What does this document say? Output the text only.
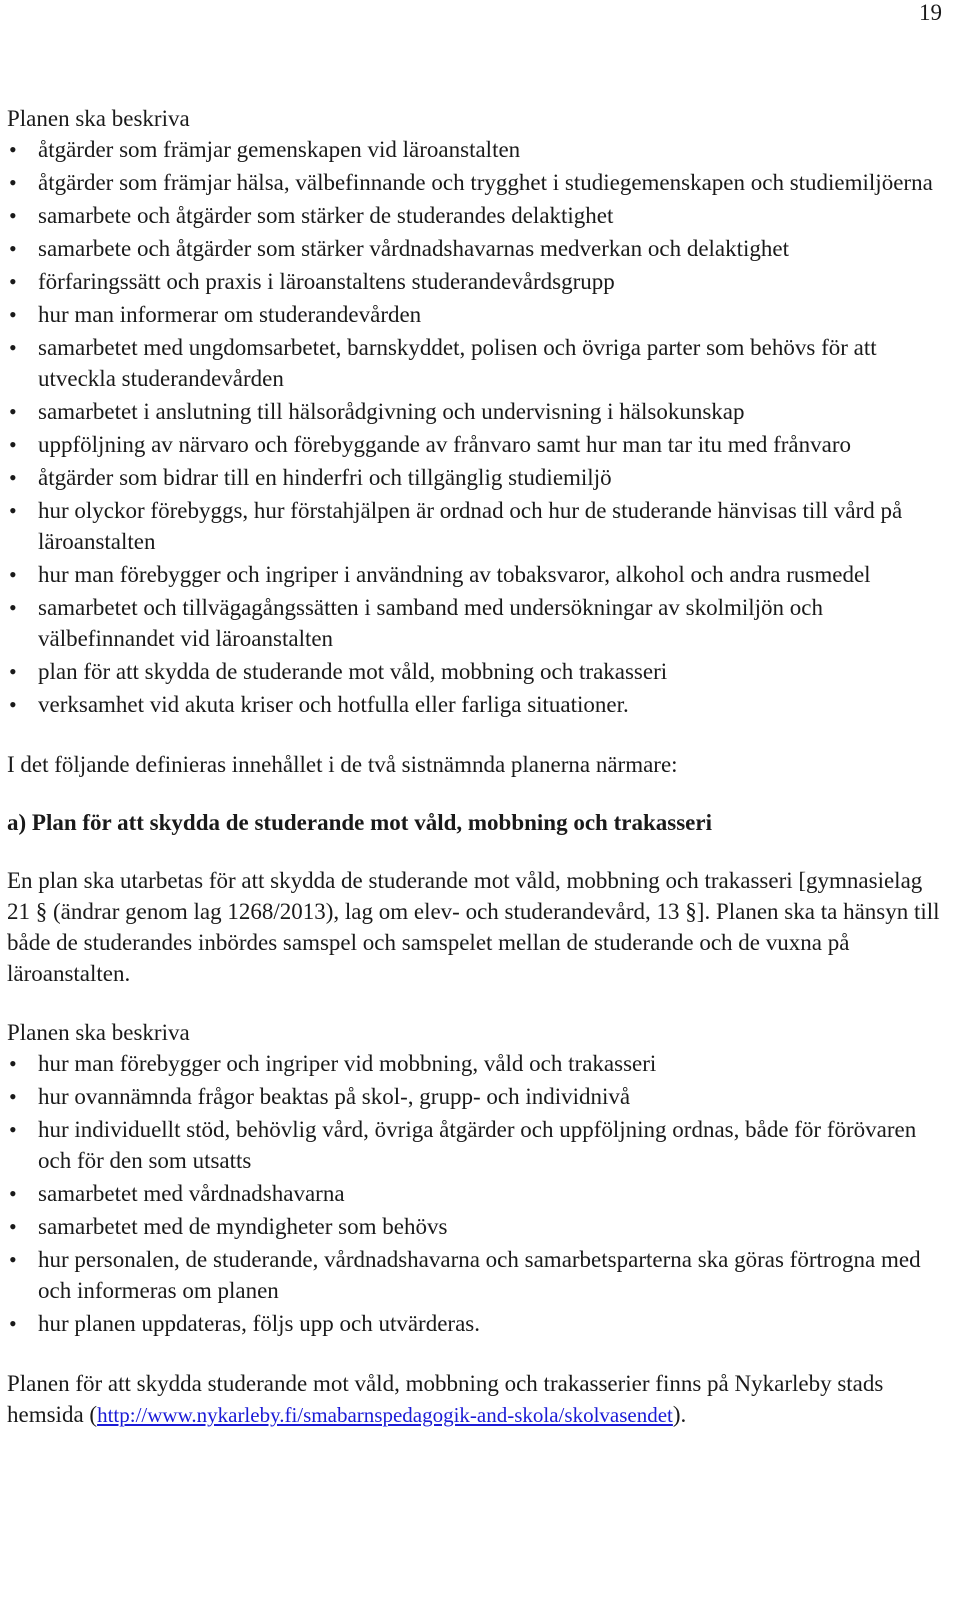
19

Planen ska beskriva

• åtgärder som främjar gemenskapen vid läroanstalten
• åtgärder som främjar hälsa, välbefinnande och trygghet i studiegemenskapen och studiemiljöerna
• samarbete och åtgärder som stärker de studerandes delaktighet
• samarbete och åtgärder som stärker vårdnadshavarnas medverkan och delaktighet
• förfaringssätt och praxis i läroanstaltens studerandevårdsgrupp
• hur man informerar om studerandevården
• samarbetet med ungdomsarbetet, barnskyddet, polisen och övriga parter som behövs för att utveckla studerandevården
• samarbetet i anslutning till hälsorådgivning och undervisning i hälsokunskap
• uppföljning av närvaro och förebyggande av frånvaro samt hur man tar itu med frånvaro
• åtgärder som bidrar till en hinderfri och tillgänglig studiemiljö
• hur olyckor förebyggs, hur förstahjälpen är ordnad och hur de studerande hänvisas till vård på läroanstalten
• hur man förebygger och ingriper i användning av tobaksvaror, alkohol och andra rusmedel
• samarbetet och tillvägagångssätten i samband med undersökningar av skolmiljön och välbefinnandet vid läroanstalten
• plan för att skydda de studerande mot våld, mobbning och trakasseri
• verksamhet vid akuta kriser och hotfulla eller farliga situationer.

I det följande definieras innehållet i de två sistnämnda planerna närmare:

a) Plan för att skydda de studerande mot våld, mobbning och trakasseri

En plan ska utarbetas för att skydda de studerande mot våld, mobbning och trakasseri [gymnasielag 21 § (ändrar genom lag 1268/2013), lag om elev- och studerandevård, 13 §]. Planen ska ta hänsyn till både de studerandes inbördes samspel och samspelet mellan de studerande och de vuxna på läroanstalten.

Planen ska beskriva

• hur man förebygger och ingriper vid mobbning, våld och trakasseri
• hur ovannämnda frågor beaktas på skol-, grupp- och individnivå
• hur individuellt stöd, behövlig vård, övriga åtgärder och uppföljning ordnas, både för förövaren och för den som utsatts
• samarbetet med vårdnadshavarna
• samarbetet med de myndigheter som behövs
• hur personalen, de studerande, vårdnadshavarna och samarbetsparterna ska göras förtrogna med och informeras om planen
• hur planen uppdateras, följs upp och utvärderas.

Planen för att skydda studerande mot våld, mobbning och trakasserier finns på Nykarleby stads hemsida (http://www.nykarleby.fi/smabarnspedagogik-and-skola/skolvasendet).
